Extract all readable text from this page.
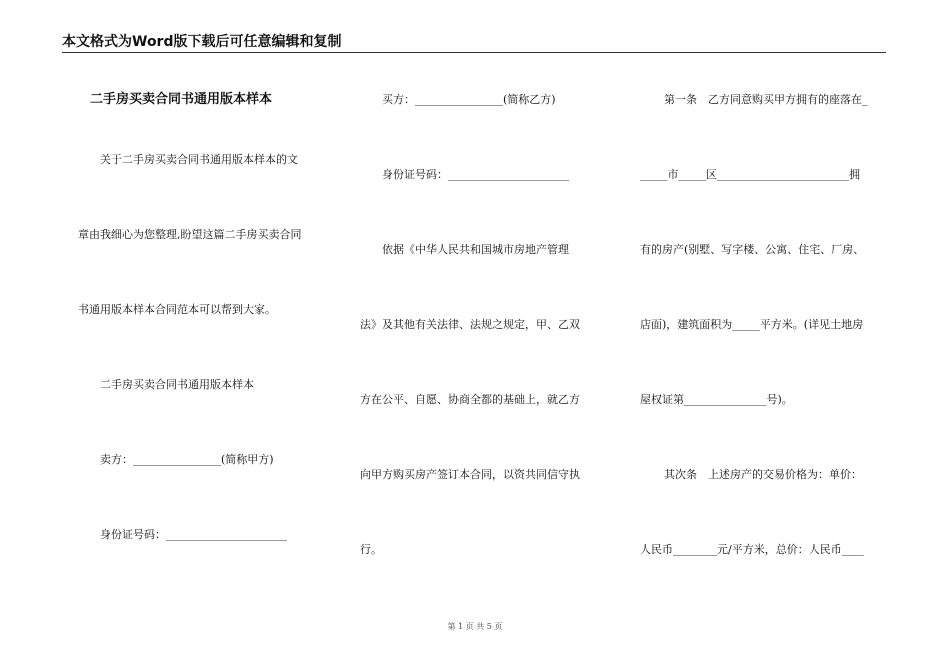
本文格式为Word版下载后可任意编辑和复制

二手房买卖合同书通用版本样本

关于二手房买卖合同书通用版本样本的文

章由我细心为您整理,盼望这篇二手房买卖合同

书通用版本样本合同范本可以帮到大家。

二手房买卖合同书通用版本样本

卖方：________________(简称甲方)

身份证号码：______________________

买方：________________(简称乙方)

身份证号码：______________________

依据《中华人民共和国城市房地产管理

法》及其他有关法律、法规之规定，甲、乙双

方在公平、自愿、协商全都的基础上，就乙方

向甲方购买房产签订本合同，以资共同信守执

行。

第一条　乙方同意购买甲方拥有的座落在_

_____市_____区________________________拥

有的房产(别墅、写字楼、公寓、住宅、厂房、

店面)，建筑面积为_____平方米。(详见土地房

屋权证第_______________号)。

其次条　上述房产的交易价格为：单价：

人民币________元/平方米，总价：人民币____

第 1 页 共 5 页
